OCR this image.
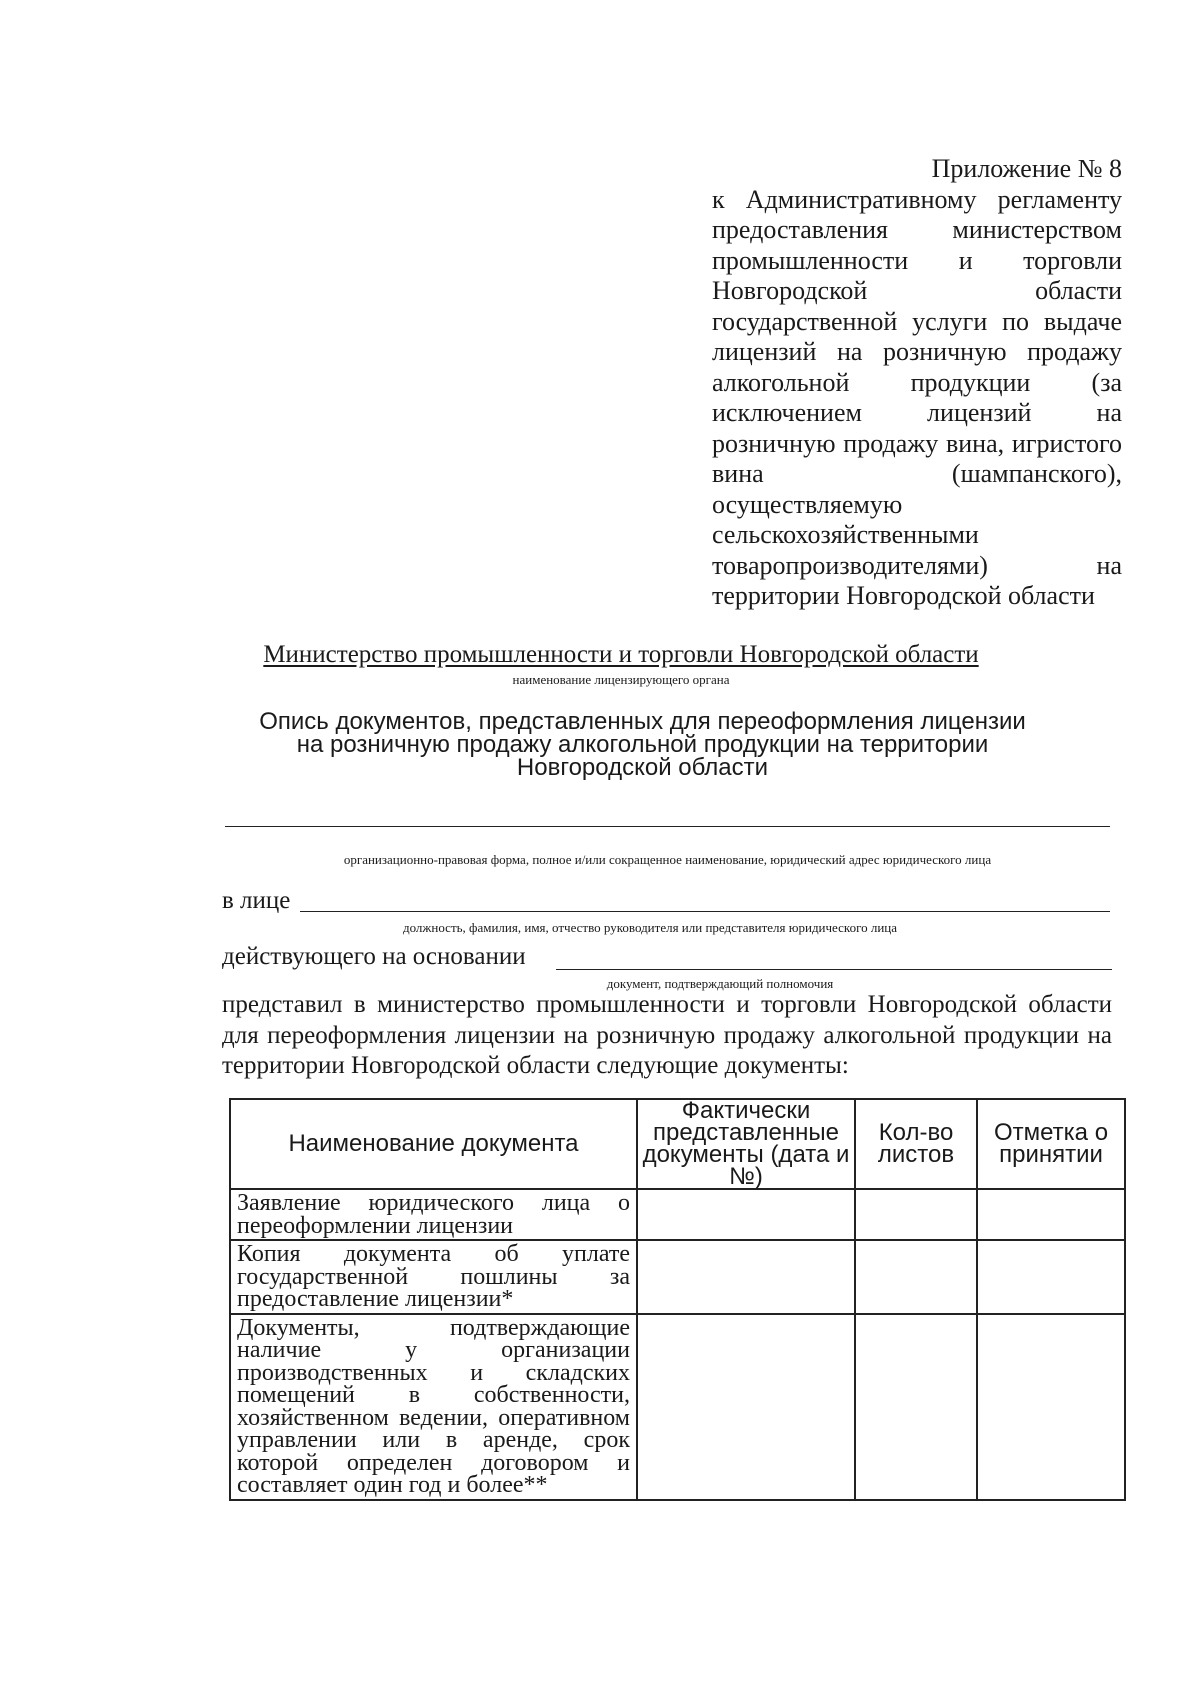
Приложение № 8
к Административному регламенту предоставления министерством промышленности и торговли Новгородской области государственной услуги по выдаче лицензий на розничную продажу алкогольной продукции (за исключением лицензий на розничную продажу вина, игристого вина (шампанского), осуществляемую сельскохозяйственными товаропроизводителями) на территории Новгородской области
Министерство промышленности и торговли Новгородской области
наименование лицензирующего органа
Опись документов, представленных для переоформления лицензии
на розничную продажу алкогольной продукции на территории
Новгородской области
организационно-правовая форма, полное и/или сокращенное наименование, юридический адрес юридического лица
в лице
должность, фамилия, имя, отчество руководителя или представителя юридического лица
действующего на основании
документ, подтверждающий полномочия
представил в министерство промышленности и торговли Новгородской области для переоформления лицензии на розничную продажу алкогольной продукции на территории Новгородской области следующие документы:
Наименование документа	Фактически представленные документы (дата и №)	Кол-во листов	Отметка о принятии
Заявление юридического лица о переоформлении лицензии			
Копия документа об уплате государственной пошлины за предоставление лицензии*			
Документы, подтверждающие наличие у организации производственных и складских помещений в собственности, хозяйственном ведении, оперативном управлении или в аренде, срок которой определен договором и составляет один год и более**			
